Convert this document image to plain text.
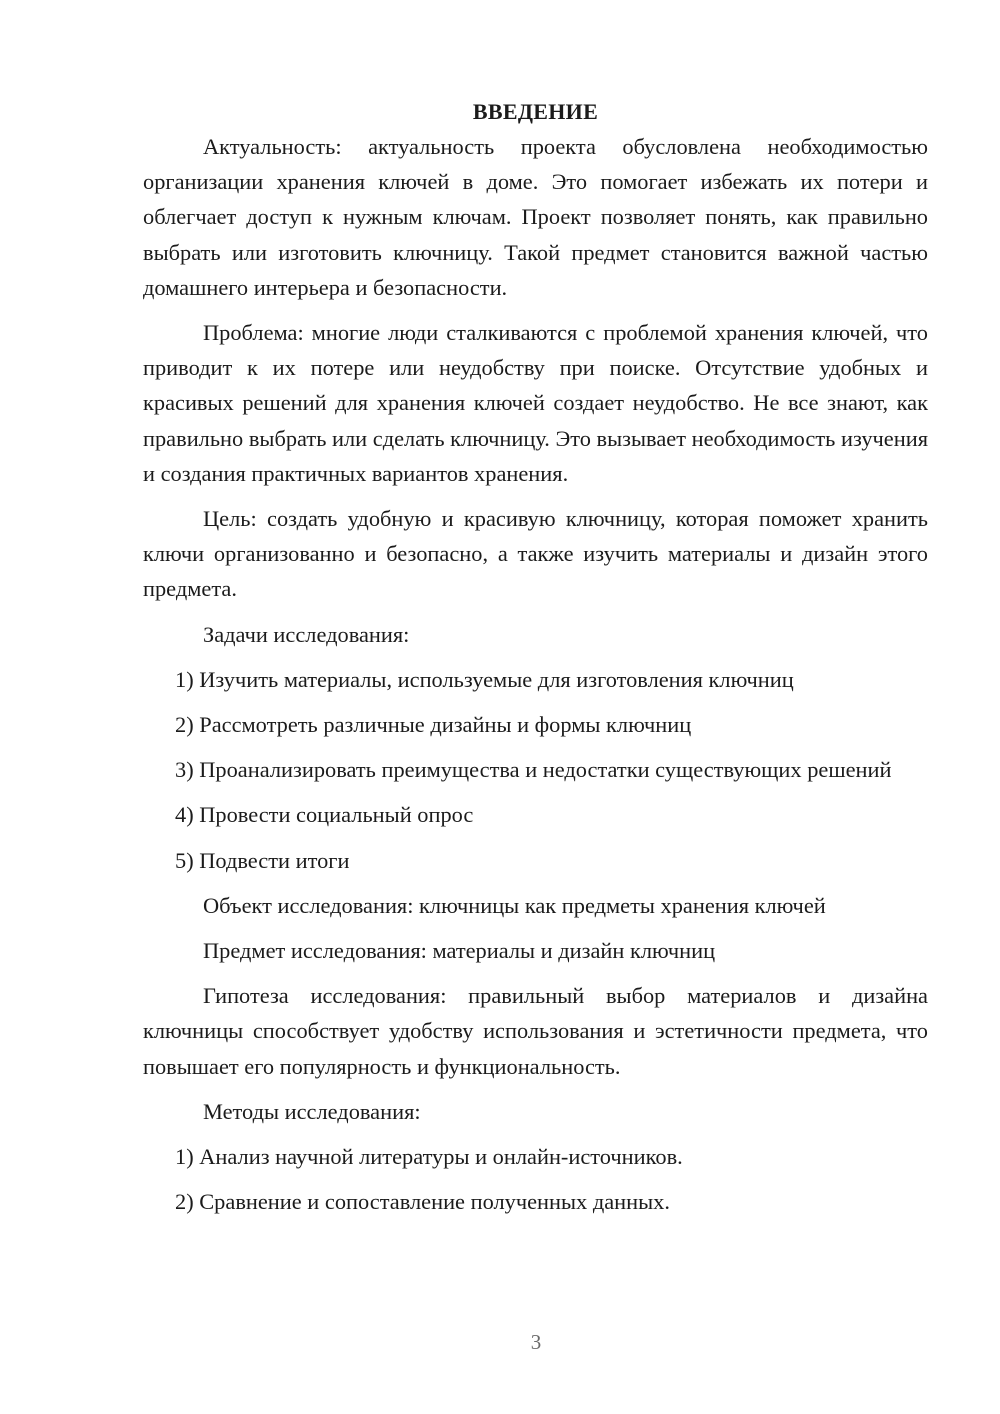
ВВЕДЕНИЕ

Актуальность: актуальность проекта обусловлена необходимостью организации хранения ключей в доме. Это помогает избежать их потери и облегчает доступ к нужным ключам. Проект позволяет понять, как правильно выбрать или изготовить ключницу. Такой предмет становится важной частью домашнего интерьера и безопасности.

Проблема: многие люди сталкиваются с проблемой хранения ключей, что приводит к их потере или неудобству при поиске. Отсутствие удобных и красивых решений для хранения ключей создает неудобство. Не все знают, как правильно выбрать или сделать ключницу. Это вызывает необходимость изучения и создания практичных вариантов хранения.

Цель: создать удобную и красивую ключницу, которая поможет хранить ключи организованно и безопасно, а также изучить материалы и дизайн этого предмета.

Задачи исследования:

1) Изучить материалы, используемые для изготовления ключниц

2) Рассмотреть различные дизайны и формы ключниц

3) Проанализировать преимущества и недостатки существующих решений

4) Провести социальный опрос

5) Подвести итоги

Объект исследования: ключницы как предметы хранения ключей

Предмет исследования: материалы и дизайн ключниц

Гипотеза исследования: правильный выбор материалов и дизайна ключницы способствует удобству использования и эстетичности предмета, что повышает его популярность и функциональность.

Методы исследования:

1) Анализ научной литературы и онлайн-источников.

2) Сравнение и сопоставление полученных данных.

3
